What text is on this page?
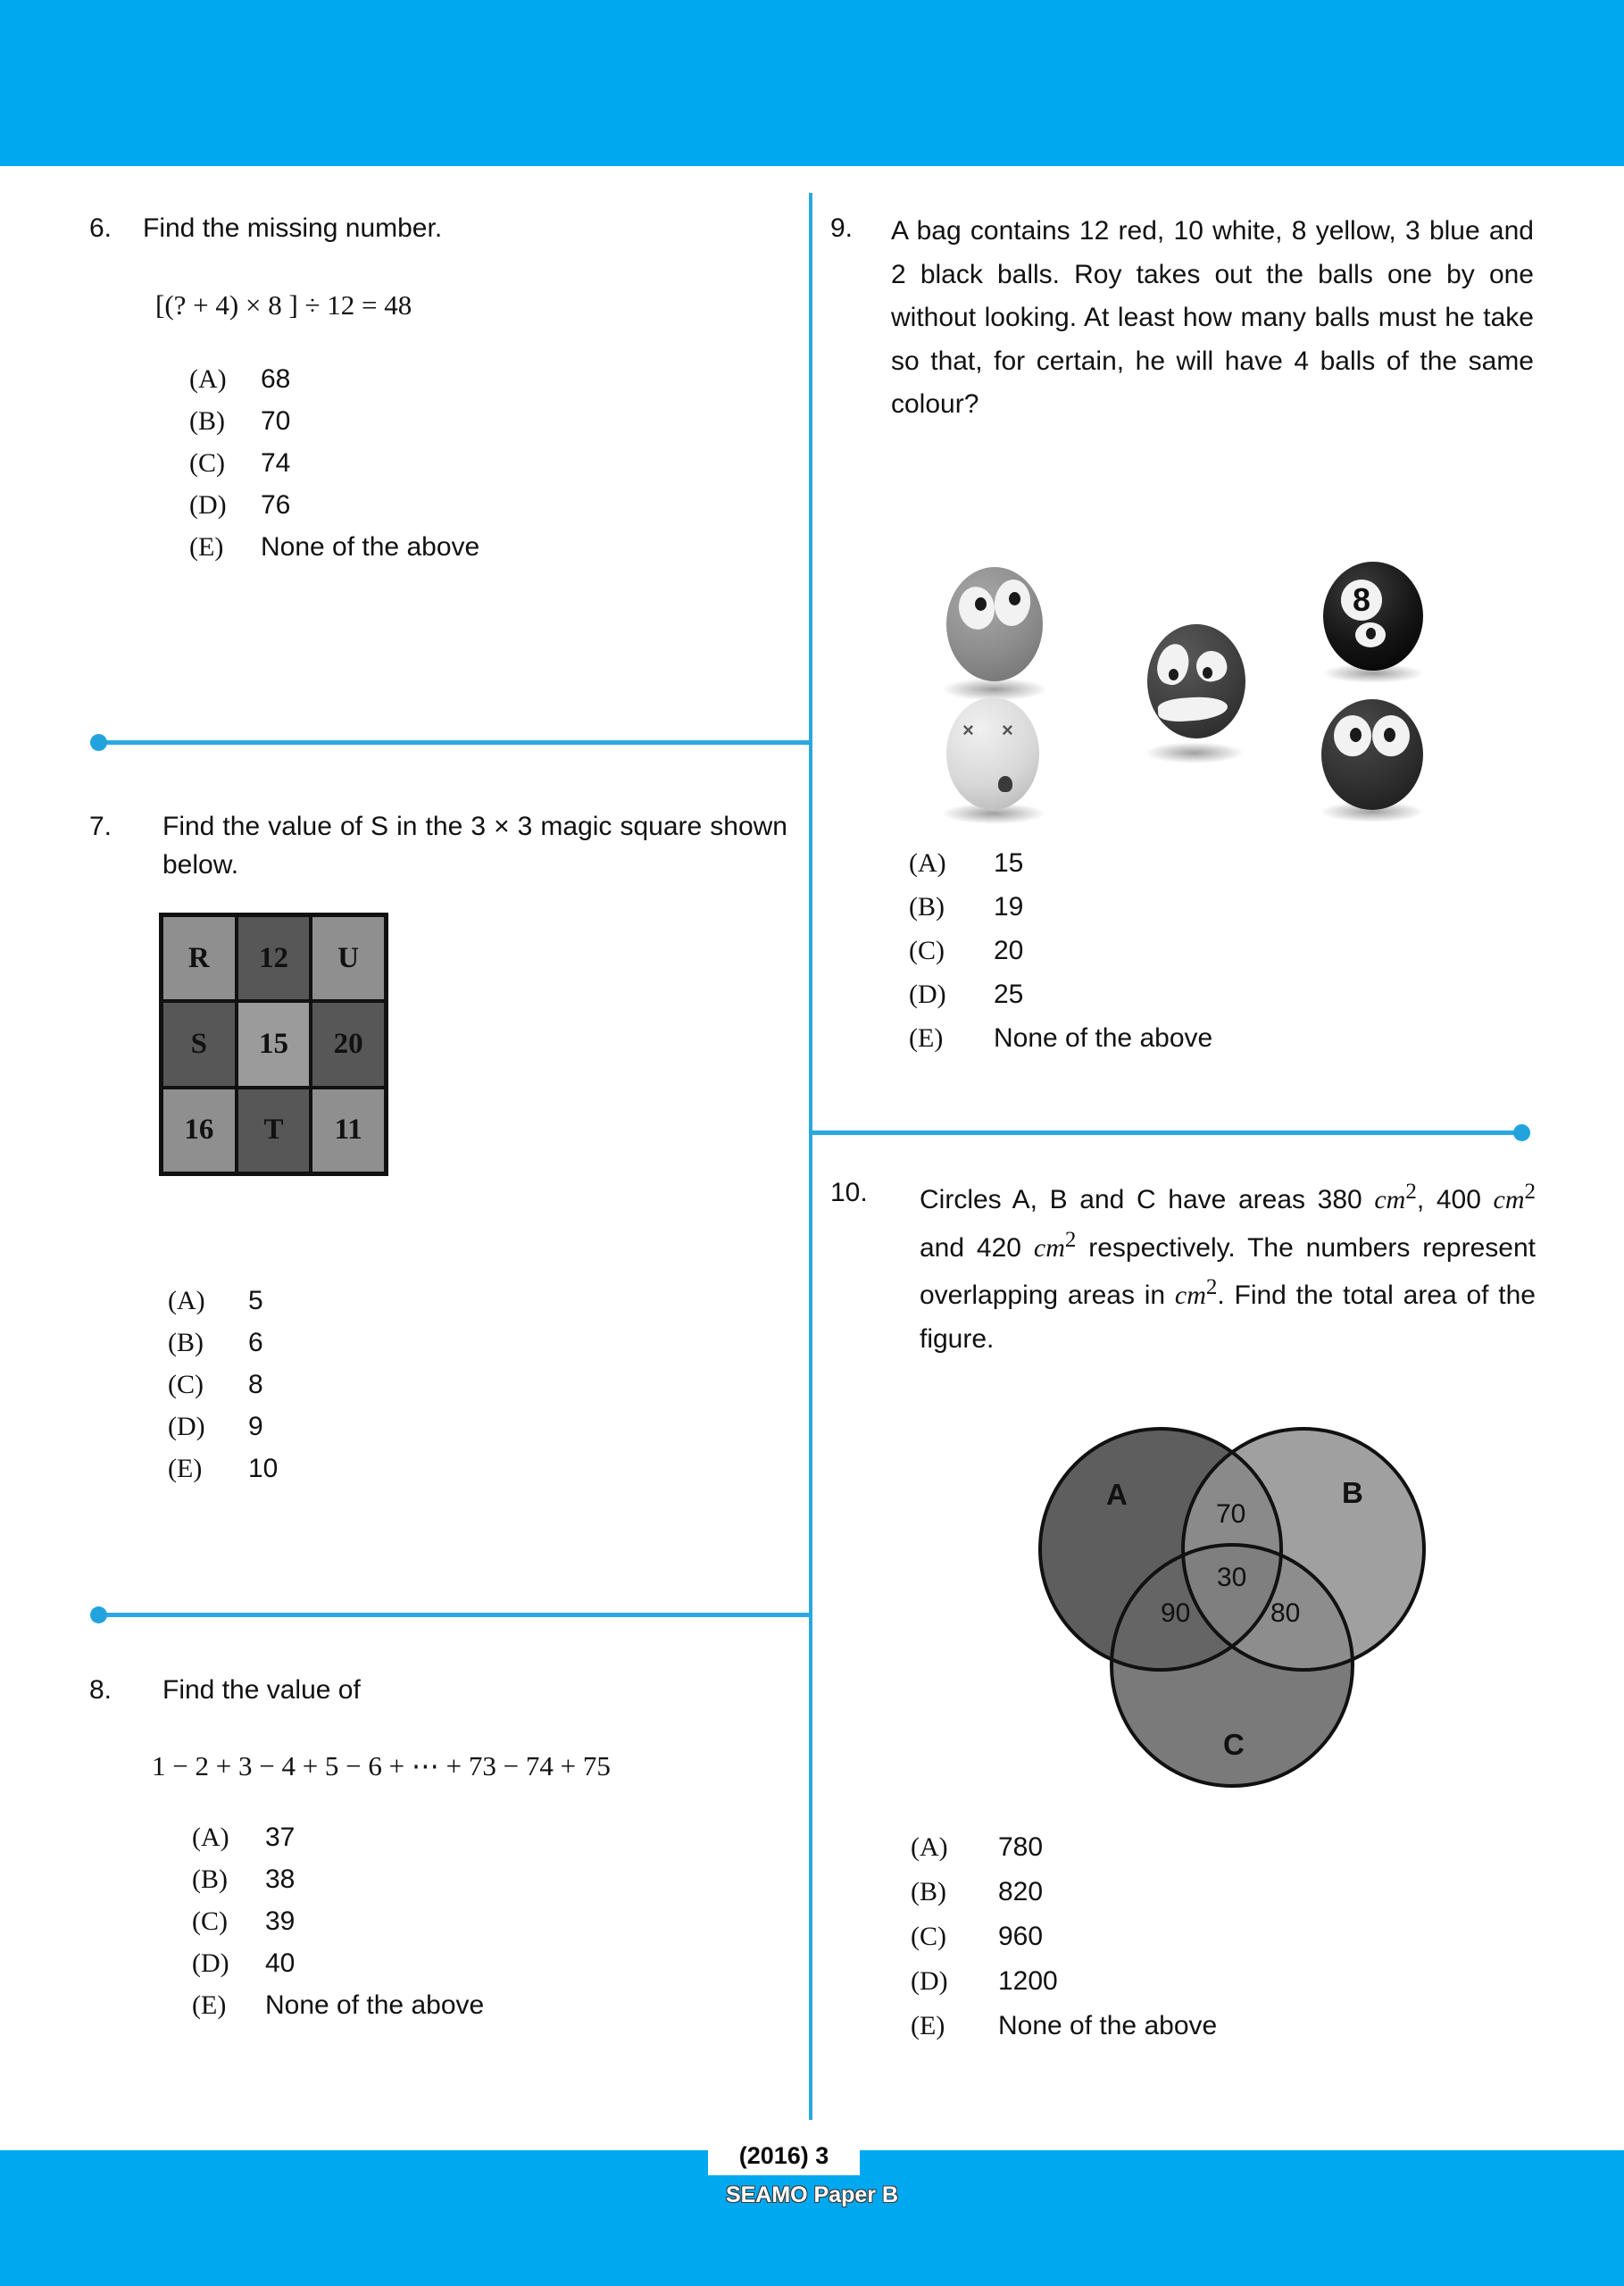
6.	Find the missing number.
[(? + 4) × 8 ] ÷ 12 = 48
(A)	68
(B)	70
(C)	74
(D)	76
(E)	None of the above
7.	Find the value of S in the 3 × 3 magic square shown below.
R	12	U
S	15	20
16	T	11
(A)	5
(B)	6
(C)	8
(D)	9
(E)	10
8.	Find the value of
1 − 2 + 3 − 4 + 5 − 6 + ⋯ + 73 − 74 + 75
(A)	37
(B)	38
(C)	39
(D)	40
(E)	None of the above
9.	A bag contains 12 red, 10 white, 8 yellow, 3 blue and 2 black balls. Roy takes out the balls one by one without looking. At least how many balls must he take so that, for certain, he will have 4 balls of the same colour?
× ×
8
(A)	15
(B)	19
(C)	20
(D)	25
(E)	None of the above
10.	Circles A, B and C have areas 380 $cm^2$, 400 $cm^2$ and 420 $cm^2$ respectively. The numbers represent overlapping areas in $cm^2$. Find the total area of the figure.
A	B
C
70
30
90	80
(A)	780
(B)	820
(C)	960
(D)	1200
(E)	None of the above
(2016) 3
SEAMO Paper B
